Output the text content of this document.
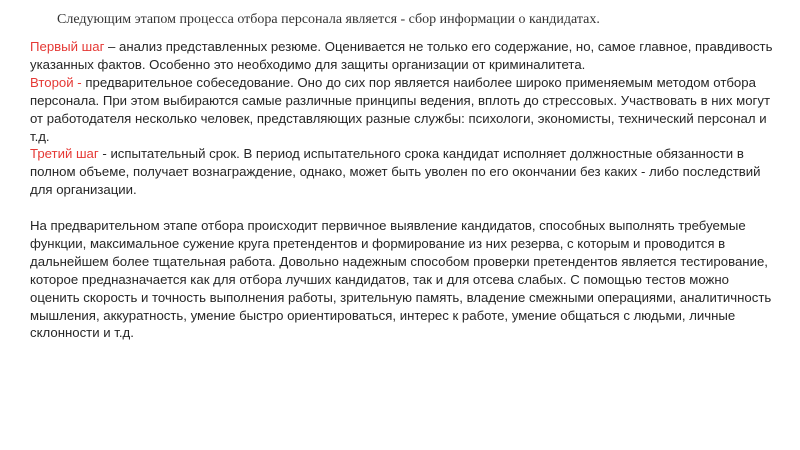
Следующим этапом процесса отбора персонала является - сбор информации о кандидатах.

Первый шаг – анализ представленных резюме. Оценивается не только его содержание, но, самое главное, правдивость указанных фактов. Особенно это необходимо для защиты организации от криминалитета.

Второй - предварительное собеседование. Оно до сих пор является наиболее широко применяемым методом отбора персонала. При этом выбираются самые различные принципы ведения, вплоть до стрессовых. Участвовать в них могут от работодателя несколько человек, представляющих разные службы: психологи, экономисты, технический персонал и т.д.

Третий шаг - испытательный срок. В период испытательного срока кандидат исполняет должностные обязанности в полном объеме, получает вознаграждение, однако, может быть уволен по его окончании без каких - либо последствий для организации.

На предварительном этапе отбора происходит первичное выявление кандидатов, способных выполнять требуемые функции, максимальное сужение круга претендентов и формирование из них резерва, с которым и проводится в дальнейшем более тщательная работа. Довольно надежным способом проверки претендентов является тестирование, которое предназначается как для отбора лучших кандидатов, так и для отсева слабых. С помощью тестов можно оценить скорость и точность выполнения работы, зрительную память, владение смежными операциями, аналитичность мышления, аккуратность, умение быстро ориентироваться, интерес к работе, умение общаться с людьми, личные склонности и т.д.
